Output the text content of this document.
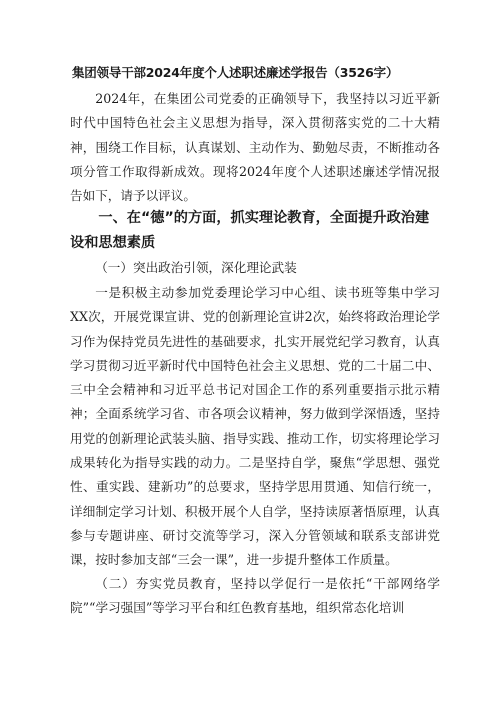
集团领导干部2024年度个人述职述廉述学报告（3526字）

2024年，在集团公司党委的正确领导下，我坚持以习近平新时代中国特色社会主义思想为指导，深入贯彻落实党的二十大精神，围绕工作目标，认真谋划、主动作为、勤勉尽责，不断推动各项分管工作取得新成效。现将2024年度个人述职述廉述学情况报告如下，请予以评议。

一、在“德”的方面，抓实理论教育，全面提升政治建设和思想素质

（一）突出政治引领，深化理论武装

一是积极主动参加党委理论学习中心组、读书班等集中学习XX次，开展党课宣讲、党的创新理论宣讲2次，始终将政治理论学习作为保持党员先进性的基础要求，扎实开展党纪学习教育，认真学习贯彻习近平新时代中国特色社会主义思想、党的二十届二中、三中全会精神和习近平总书记对国企工作的系列重要指示批示精神；全面系统学习省、市各项会议精神，努力做到学深悟透，坚持用党的创新理论武装头脑、指导实践、推动工作，切实将理论学习成果转化为指导实践的动力。二是坚持自学，聚焦“学思想、强党性、重实践、建新功”的总要求，坚持学思用贯通、知信行统一，详细制定学习计划、积极开展个人自学，坚持读原著悟原理，认真参与专题讲座、研讨交流等学习，深入分管领域和联系支部讲党课，按时参加支部“三会一课”，进一步提升整体工作质量。

（二）夯实党员教育，坚持以学促行一是依托“干部网络学院”“学习强国”等学习平台和红色教育基地，组织常态化培训
